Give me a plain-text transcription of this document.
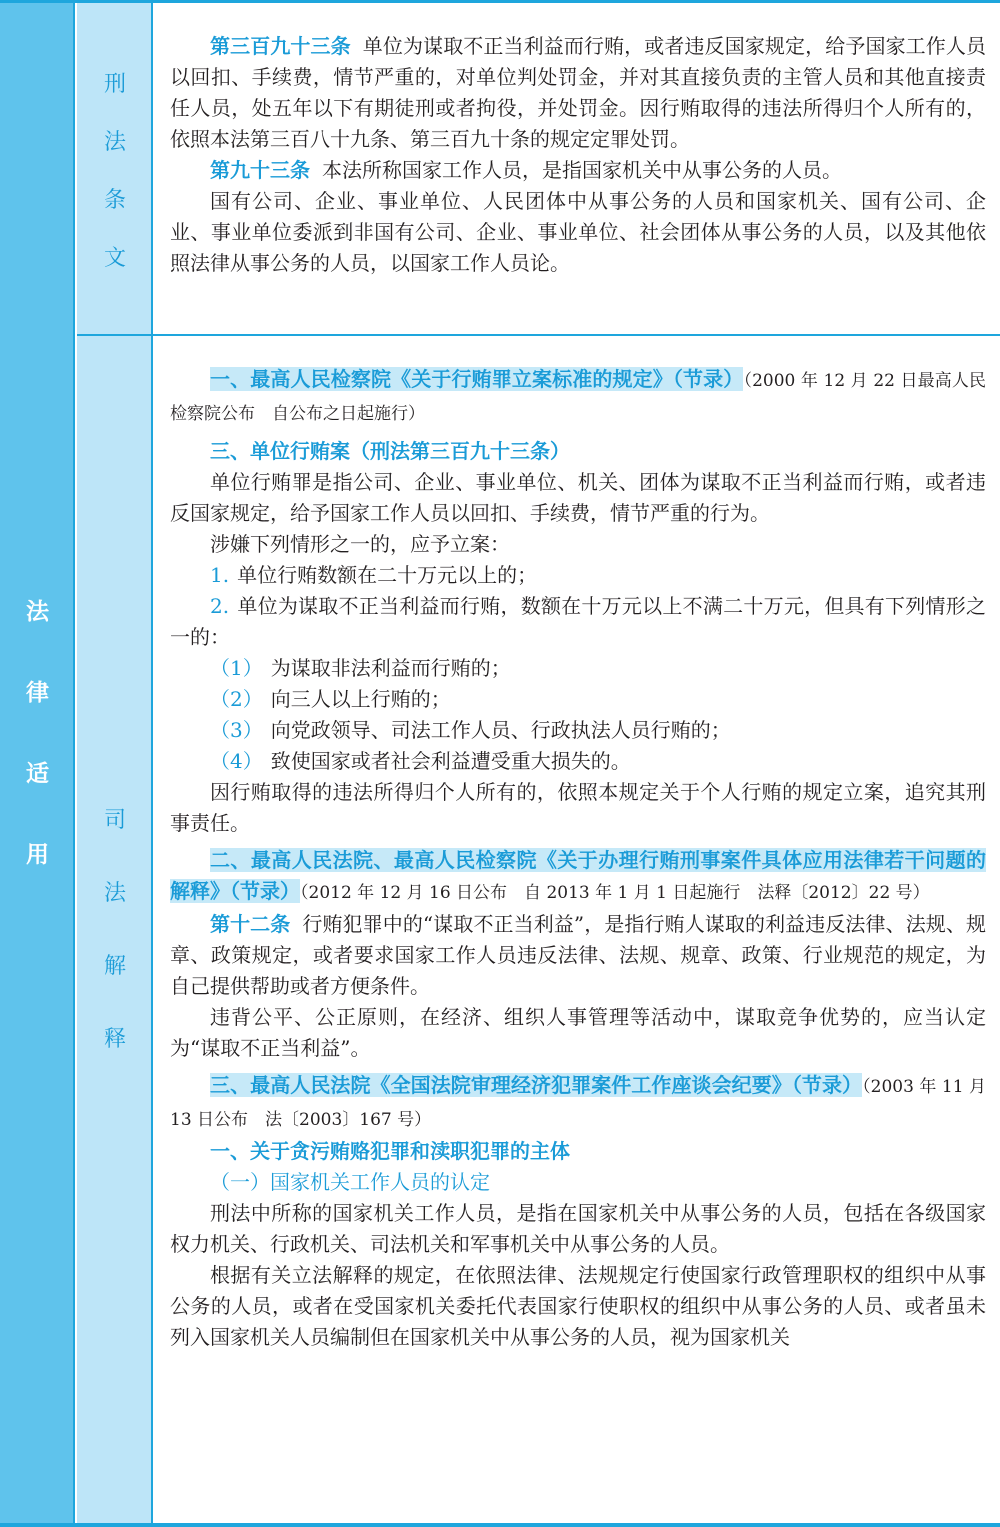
法
律
适
用
刑
法
条
文
司
法
解
释

第三百九十三条 单位为谋取不正当利益而行贿，或者违反国家规定，给予国家工作人员以回扣、手续费，情节严重的，对单位判处罚金，并对其直接负责的主管人员和其他直接责任人员，处五年以下有期徒刑或者拘役，并处罚金。因行贿取得的违法所得归个人所有的，依照本法第三百八十九条、第三百九十条的规定定罪处罚。

第九十三条 本法所称国家工作人员，是指国家机关中从事公务的人员。

国有公司、企业、事业单位、人民团体中从事公务的人员和国家机关、国有公司、企业、事业单位委派到非国有公司、企业、事业单位、社会团体从事公务的人员，以及其他依照法律从事公务的人员，以国家工作人员论。

一、最高人民检察院《关于行贿罪立案标准的规定》（节录）（2000 年 12 月 22 日最高人民检察院公布　自公布之日起施行）

三、单位行贿案（刑法第三百九十三条）

单位行贿罪是指公司、企业、事业单位、机关、团体为谋取不正当利益而行贿，或者违反国家规定，给予国家工作人员以回扣、手续费，情节严重的行为。

涉嫌下列情形之一的，应予立案：

1. 单位行贿数额在二十万元以上的；

2. 单位为谋取不正当利益而行贿，数额在十万元以上不满二十万元，但具有下列情形之一的：

（1） 为谋取非法利益而行贿的；

（2） 向三人以上行贿的；

（3） 向党政领导、司法工作人员、行政执法人员行贿的；

（4） 致使国家或者社会利益遭受重大损失的。

因行贿取得的违法所得归个人所有的，依照本规定关于个人行贿的规定立案，追究其刑事责任。

二、最高人民法院、最高人民检察院《关于办理行贿刑事案件具体应用法律若干问题的解释》（节录）（2012 年 12 月 16 日公布　自 2013 年 1 月 1 日起施行　法释〔2012〕22 号）

第十二条 行贿犯罪中的“谋取不正当利益”，是指行贿人谋取的利益违反法律、法规、规章、政策规定，或者要求国家工作人员违反法律、法规、规章、政策、行业规范的规定，为自己提供帮助或者方便条件。

违背公平、公正原则，在经济、组织人事管理等活动中，谋取竞争优势的，应当认定为“谋取不正当利益”。

三、最高人民法院《全国法院审理经济犯罪案件工作座谈会纪要》（节录）（2003 年 11 月 13 日公布　法〔2003〕167 号）

一、关于贪污贿赂犯罪和渎职犯罪的主体

（一）国家机关工作人员的认定

刑法中所称的国家机关工作人员，是指在国家机关中从事公务的人员，包括在各级国家权力机关、行政机关、司法机关和军事机关中从事公务的人员。

根据有关立法解释的规定，在依照法律、法规规定行使国家行政管理职权的组织中从事公务的人员，或者在受国家机关委托代表国家行使职权的组织中从事公务的人员、或者虽未列入国家机关人员编制但在国家机关中从事公务的人员，视为国家机关
